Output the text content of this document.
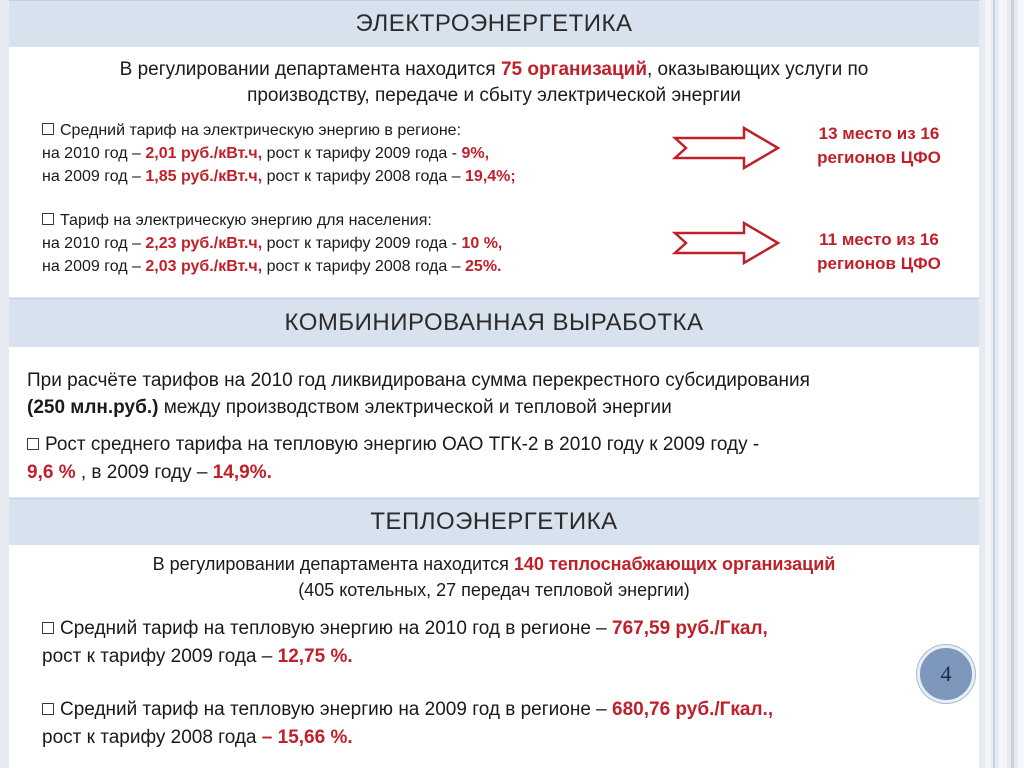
ЭЛЕКТРОЭНЕРГЕТИКА
В регулировании департамента находится 75 организаций, оказывающих услуги по
производству, передаче и сбыту электрической энергии
Средний тариф на электрическую энергию в регионе:
на 2010 год – 2,01 руб./кВт.ч, рост к тарифу 2009 года - 9%,
на 2009 год – 1,85 руб./кВт.ч, рост к тарифу 2008 года – 19,4%;
13 место из 16
регионов ЦФО
Тариф на электрическую энергию для населения:
на 2010 год – 2,23 руб./кВт.ч, рост к тарифу 2009 года - 10 %,
на 2009 год – 2,03 руб./кВт.ч, рост к тарифу 2008 года – 25%.
11 место из 16
регионов ЦФО
КОМБИНИРОВАННАЯ ВЫРАБОТКА
При расчёте тарифов на 2010 год ликвидирована сумма перекрестного субсидирования
(250 млн.руб.) между производством электрической и тепловой энергии
Рост среднего тарифа на тепловую энергию ОАО ТГК-2 в 2010 году к 2009 году -
9,6 % , в 2009 году – 14,9%.
ТЕПЛОЭНЕРГЕТИКА
В регулировании департамента находится 140 теплоснабжающих организаций
(405 котельных, 27 передач тепловой энергии)
Средний тариф на тепловую энергию на 2010 год в регионе – 767,59 руб./Гкал,
рост к тарифу 2009 года – 12,75 %.
Средний тариф на тепловую энергию на 2009 год в регионе – 680,76 руб./Гкал.,
рост к тарифу 2008 года – 15,66 %.
4
